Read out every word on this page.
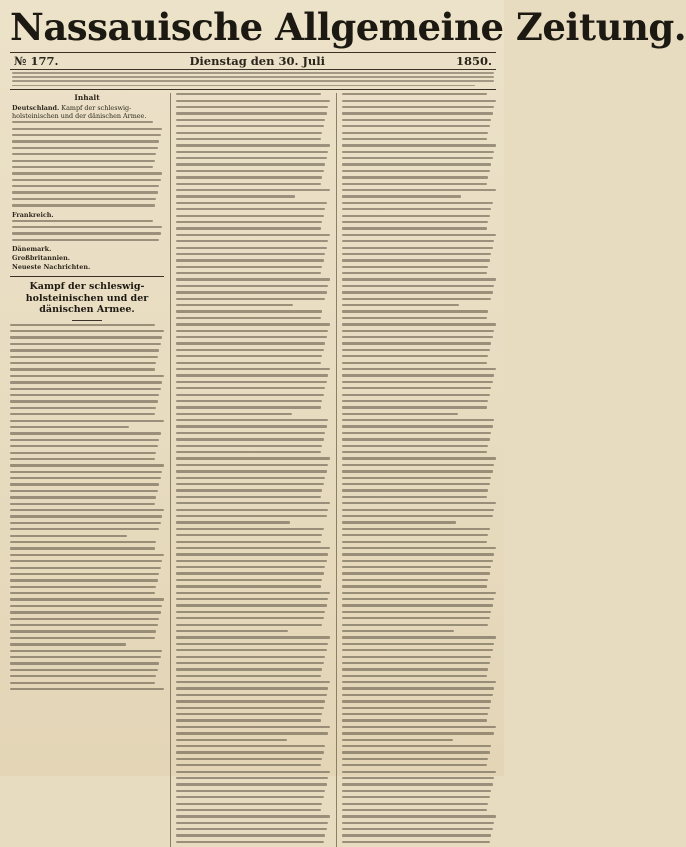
Nassauische Allgemeine Zeitung.
№ 177.	Dienstag den 30. Juli	1850.
Inhalt
Deutschland. Kampf der schleswig-holsteinischen und der dänischen Armee.
Frankreich.
Dänemark.
Großbritannien.
Neueste Nachrichten.
Kampf der schleswig-holsteinischen und der dänischen Armee.
